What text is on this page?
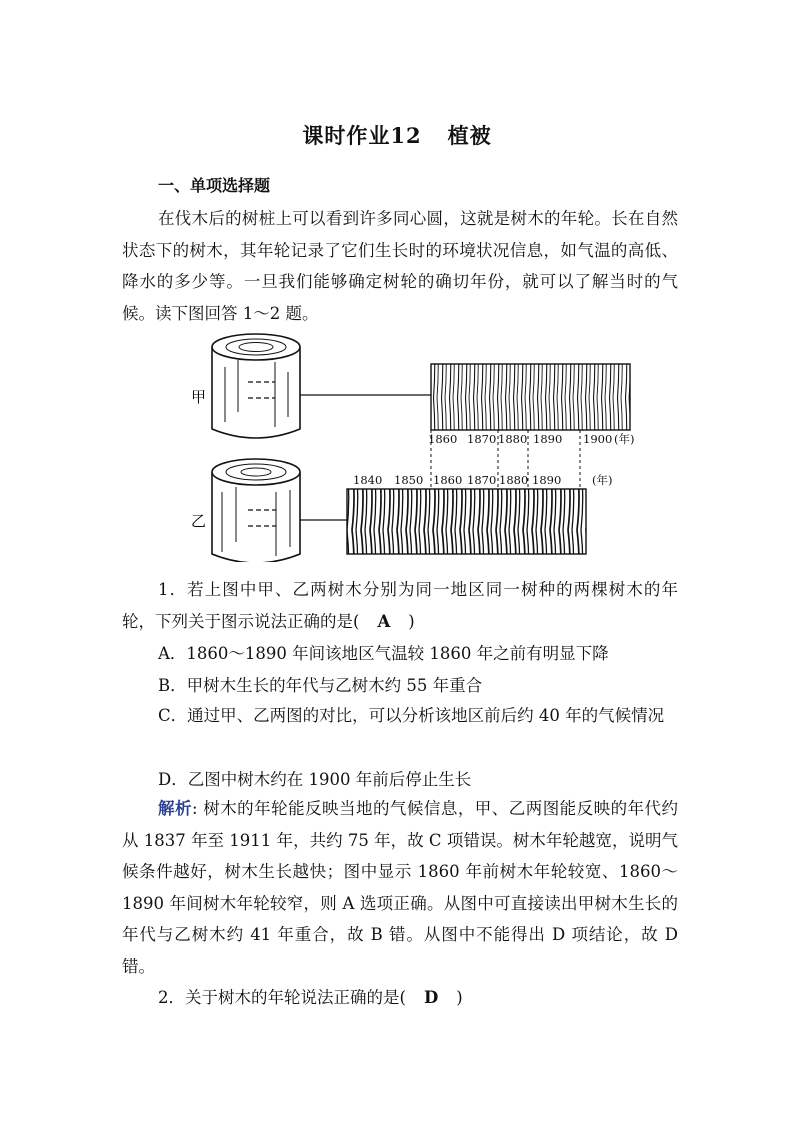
课时作业12 植被
一、单项选择题
在伐木后的树桩上可以看到许多同心圆，这就是树木的年轮。长在自然状态下的树木，其年轮记录了它们生长时的环境状况信息，如气温的高低、降水的多少等。一旦我们能够确定树轮的确切年份，就可以了解当时的气候。读下图回答 1～2 题。
甲
乙
1860 1870 1880 1890 1900 (年)
1840 1850 1860 1870 1880 1890	(年)
1．若上图中甲、乙两树木分别为同一地区同一树种的两棵树木的年轮，下列关于图示说法正确的是( A )
A．1860～1890 年间该地区气温较 1860 年之前有明显下降
B．甲树木生长的年代与乙树木约 55 年重合
C．通过甲、乙两图的对比，可以分析该地区前后约 40 年的气候情况
D．乙图中树木约在 1900 年前后停止生长
解析: 树木的年轮能反映当地的气候信息，甲、乙两图能反映的年代约从 1837 年至 1911 年，共约 75 年，故 C 项错误。树木年轮越宽，说明气候条件越好，树木生长越快；图中显示 1860 年前树木年轮较宽、1860～1890 年间树木年轮较窄，则 A 选项正确。从图中可直接读出甲树木生长的年代与乙树木约 41 年重合，故 B 错。从图中不能得出 D 项结论，故 D 错。
2．关于树木的年轮说法正确的是( D )
